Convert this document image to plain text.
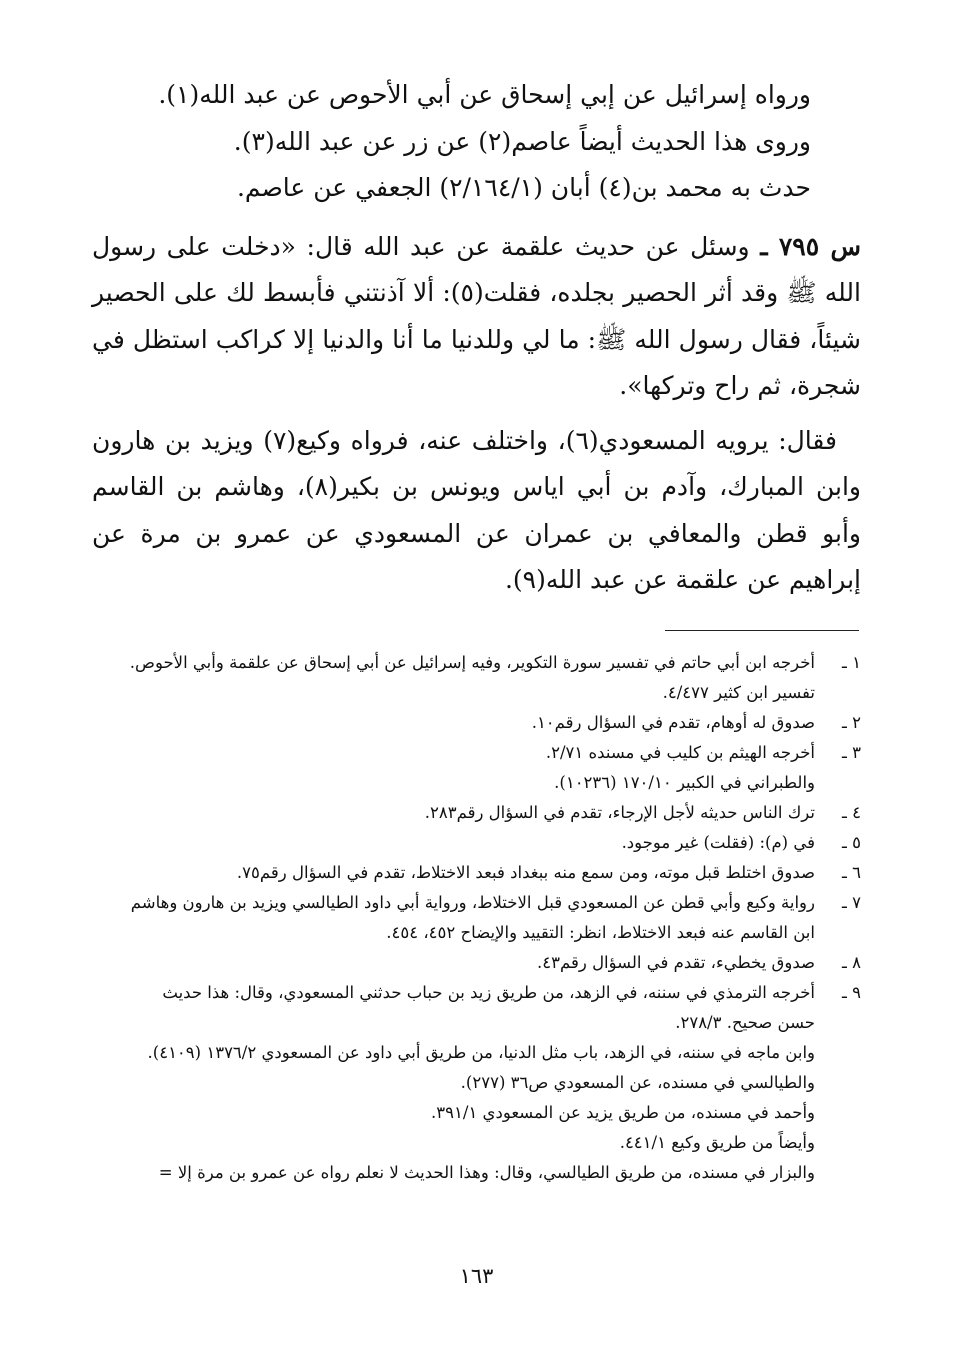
ورواه إسرائيل عن إبي إسحاق عن أبي الأحوص عن عبد الله(١).
وروى هذا الحديث أيضاً عاصم(٢) عن زر عن عبد الله(٣).
حدث به محمد بن(٤) أبان (٢/١٦٤/١) الجعفي عن عاصم.

س ٧٩٥ ـ وسئل عن حديث علقمة عن عبد الله قال: «دخلت على رسول الله ﷺ وقد أثر الحصير بجلده، فقلت(٥): ألا آذنتني فأبسط لك على الحصير شيئاً، فقال رسول الله ﷺ: ما لي وللدنيا ما أنا والدنيا إلا كراكب استظل في شجرة، ثم راح وتركها».

فقال: يرويه المسعودي(٦)، واختلف عنه، فرواه وكيع(٧) ويزيد بن هارون وابن المبارك، وآدم بن أبي اياس ويونس بن بكير(٨)، وهاشم بن القاسم وأبو قطن والمعافي بن عمران عن المسعودي عن عمرو بن مرة عن إبراهيم عن علقمة عن عبد الله(٩).

١ ـ
أخرجه ابن أبي حاتم في تفسير سورة التكوير، وفيه إسرائيل عن أبي إسحاق عن علقمة وأبي الأحوص.
تفسير ابن كثير ٤/٤٧٧.
٢ ـ
صدوق له أوهام، تقدم في السؤال رقم١٠.
٣ ـ
أخرجه الهيثم بن كليب في مسنده ٢/٧١.
والطبراني في الكبير ١٧٠/١٠ (١٠٢٣٦).
٤ ـ
ترك الناس حديثه لأجل الإرجاء، تقدم في السؤال رقم٢٨٣.
٥ ـ
في (م): (فقلت) غير موجود.
٦ ـ
صدوق اختلط قبل موته، ومن سمع منه ببغداد فبعد الاختلاط، تقدم في السؤال رقم٧٥.
٧ ـ
رواية وكيع وأبي قطن عن المسعودي قبل الاختلاط، ورواية أبي داود الطيالسي ويزيد بن هارون وهاشم
ابن القاسم عنه فبعد الاختلاط، انظر: التقييد والإيضاح ٤٥٢، ٤٥٤.
٨ ـ
صدوق يخطيء، تقدم في السؤال رقم٤٣.
٩ ـ
أخرجه الترمذي في سننه، في الزهد، من طريق زيد بن حباب حدثني المسعودي، وقال: هذا حديث
حسن صحيح. ٢٧٨/٣.
وابن ماجه في سننه، في الزهد، باب مثل الدنيا، من طريق أبي داود عن المسعودي ١٣٧٦/٢ (٤١٠٩).
والطيالسي في مسنده، عن المسعودي ص٣٦ (٢٧٧).
وأحمد في مسنده، من طريق يزيد عن المسعودي ٣٩١/١.
وأيضاً من طريق وكيع ٤٤١/١.
والبزار في مسنده، من طريق الطيالسي، وقال: وهذا الحديث لا نعلم رواه عن عمرو بن مرة إلا =
١٦٣
